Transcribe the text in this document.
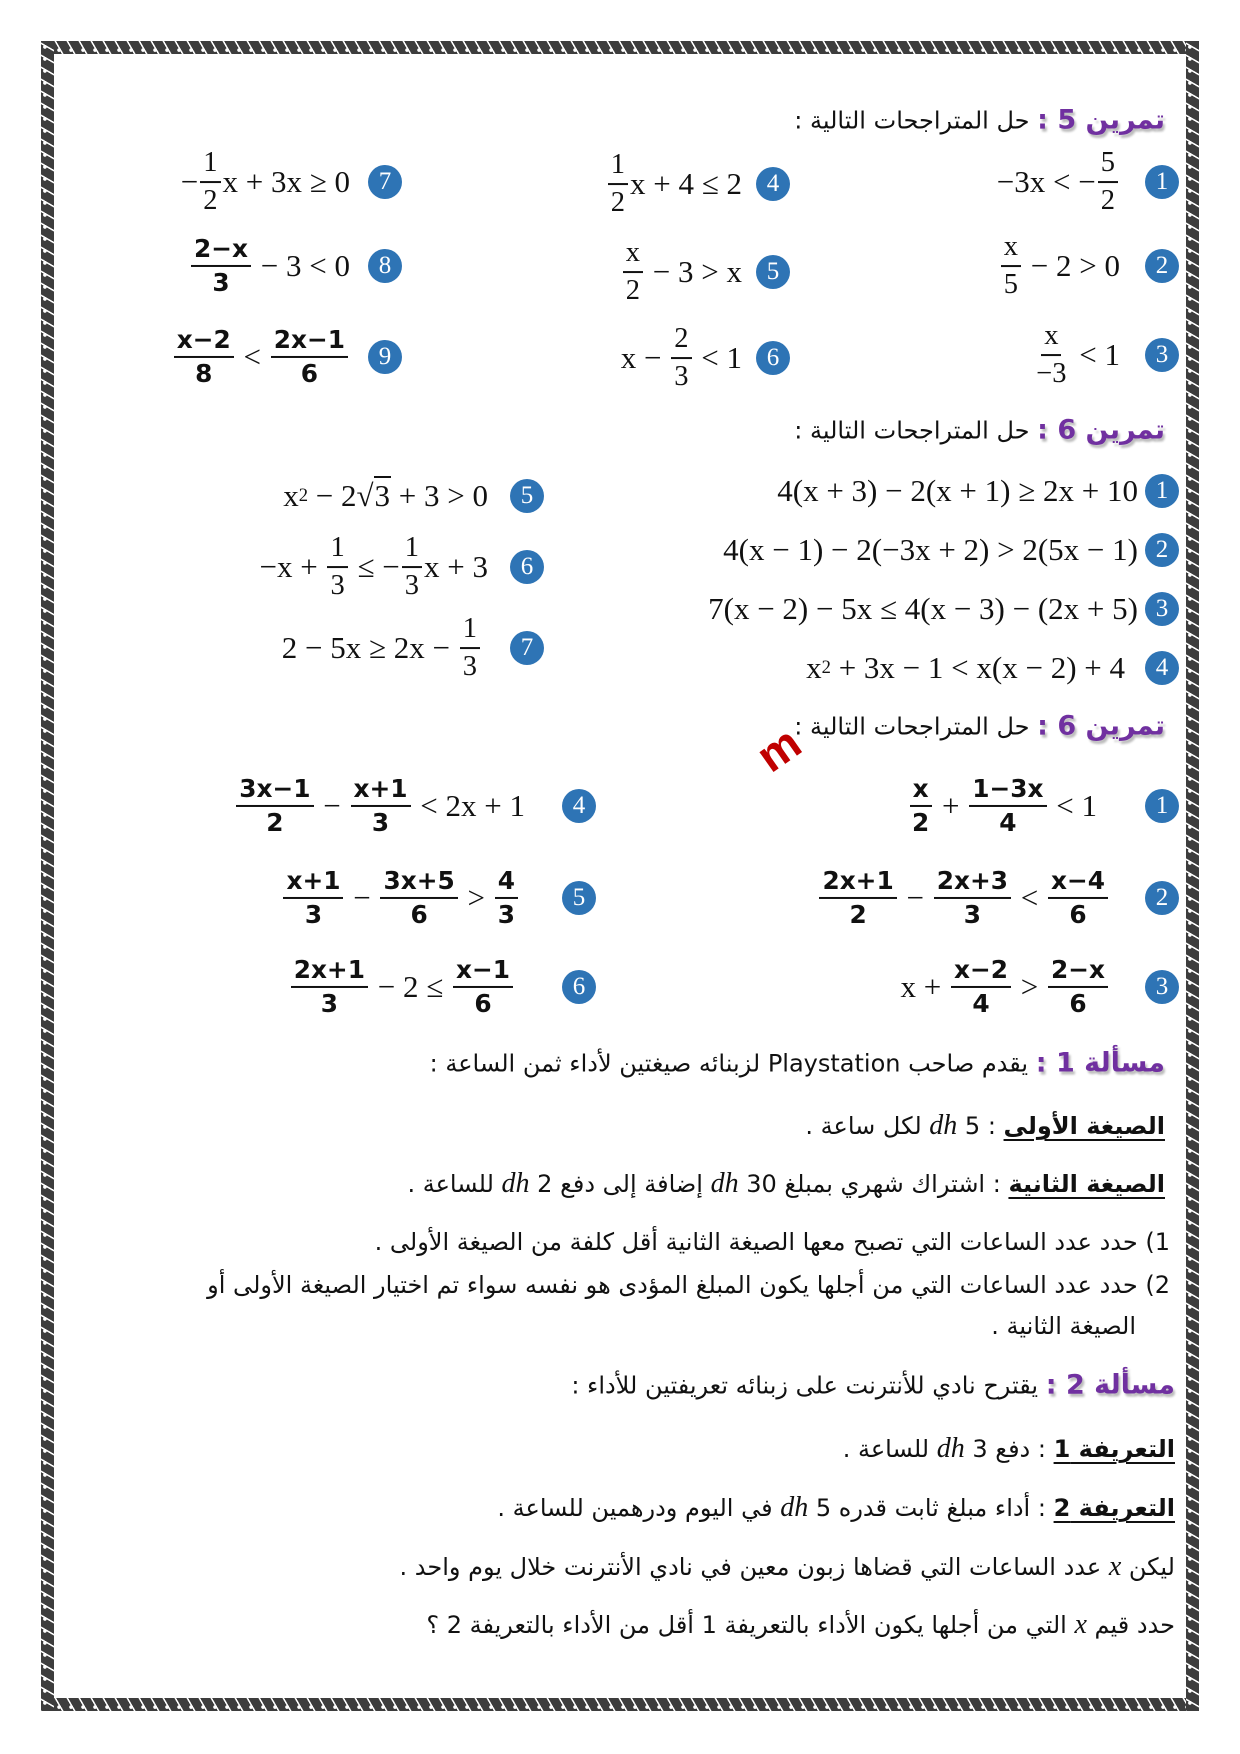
تمرين 5 : حل المتراجحات التالية :
تمرين 6 : حل المتراجحات التالية :
تمرين 6 : حل المتراجحات التالية :
m
1
−3x < − $\frac{5}{2}$
2
$\frac{x}{5} - 2 > 0$
3
$\frac{x}{-3} < 1$
4
$\frac{1}{2}$ x + 4 ≤ 2
5
$\frac{x}{2} - 3 > x$
6
$x - \frac{2}{3} < 1$
7
− $\frac{1}{2}$ x + 3x ≥ 0
8
$\frac{2-x}{3} - 3 < 0$
9
$\frac{x-2}{8} < \frac{2x-1}{6}$
1
4(x + 3) − 2(x + 1) ≥ 2x + 10
2
4(x − 1) − 2(−3x + 2) > 2(5x − 1)
3
7(x − 2) − 5x ≤ 4(x − 3) − (2x + 5)
4
x 2 + 3x − 1 < x(x − 2) + 4
5
x 2 − 2 √3 + 3 > 0
6
$-x + \frac{1}{3}$ ≤ − $\frac{1}{3}$ x + 3
7
$2 - 5x \ge 2x - \frac{1}{3}$
1
$\frac{x}{2} + \frac{1-3x}{4} < 1$
2
$\frac{2x+1}{2} - \frac{2x+3}{3} < \frac{x-4}{6}$
3
$x + \frac{x-2}{4} > \frac{2-x}{6}$
4
$\frac{3x-1}{2} - \frac{x+1}{3} < 2x + 1$
5
$\frac{x+1}{3} - \frac{3x+5}{6} > \frac{4}{3}$
6
$\frac{2x+1}{3} - 2 \le \frac{x-1}{6}$
مسألة 1 : يقدم صاحب Playstation لزبنائه صيغتين لأداء ثمن الساعة :
الصيغة الأولى : 5 dh لكل ساعة .
الصيغة الثانية : اشتراك شهري بمبلغ 30 dh إضافة إلى دفع 2 dh للساعة .
1) حدد عدد الساعات التي تصبح معها الصيغة الثانية أقل كلفة من الصيغة الأولى .
2) حدد عدد الساعات التي من أجلها يكون المبلغ المؤدى هو نفسه سواء تم اختيار الصيغة الأولى أو
الصيغة الثانية .
مسألة 2 : يقترح نادي للأنترنت على زبنائه تعريفتين للأداء :
التعريفة 1 : دفع 3 dh للساعة .
التعريفة 2 : أداء مبلغ ثابت قدره 5 dh في اليوم ودرهمين للساعة .
ليكن x عدد الساعات التي قضاها زبون معين في نادي الأنترنت خلال يوم واحد .
حدد قيم x التي من أجلها يكون الأداء بالتعريفة 1 أقل من الأداء بالتعريفة 2 ؟
